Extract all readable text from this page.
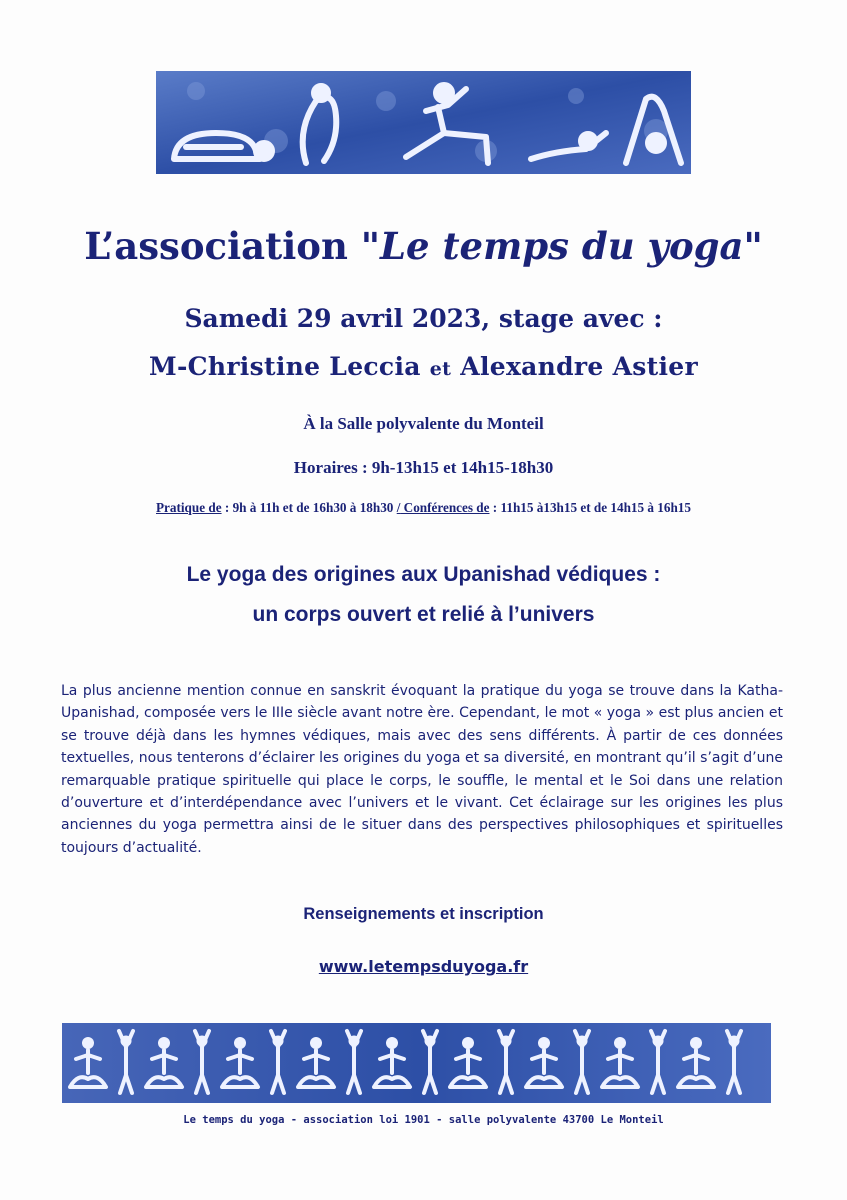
L’association "Le temps du yoga"
Samedi 29 avril 2023, stage avec :
M-Christine Leccia et Alexandre Astier
À la Salle polyvalente du Monteil
Horaires : 9h-13h15 et 14h15-18h30
Pratique de : 9h à 11h et de 16h30 à 18h30 / Conférences de : 11h15 à13h15 et de 14h15 à 16h15
Le yoga des origines aux Upanishad védiques :
un corps ouvert et relié à l’univers
La plus ancienne mention connue en sanskrit évoquant la pratique du yoga se trouve dans la Katha-Upanishad, composée vers le IIIe siècle avant notre ère. Cependant, le mot « yoga » est plus ancien et se trouve déjà dans les hymnes védiques, mais avec des sens différents. À partir de ces données textuelles, nous tenterons d’éclairer les origines du yoga et sa diversité, en montrant qu’il s’agit d’une remarquable pratique spirituelle qui place le corps, le souffle, le mental et le Soi dans une relation d’ouverture et d’interdépendance avec l’univers et le vivant. Cet éclairage sur les origines les plus anciennes du yoga permettra ainsi de le situer dans des perspectives philosophiques et spirituelles toujours d’actualité.
Renseignements et inscription
www.letempsduyoga.fr
Le temps du yoga - association loi 1901 - salle polyvalente 43700 Le Monteil
